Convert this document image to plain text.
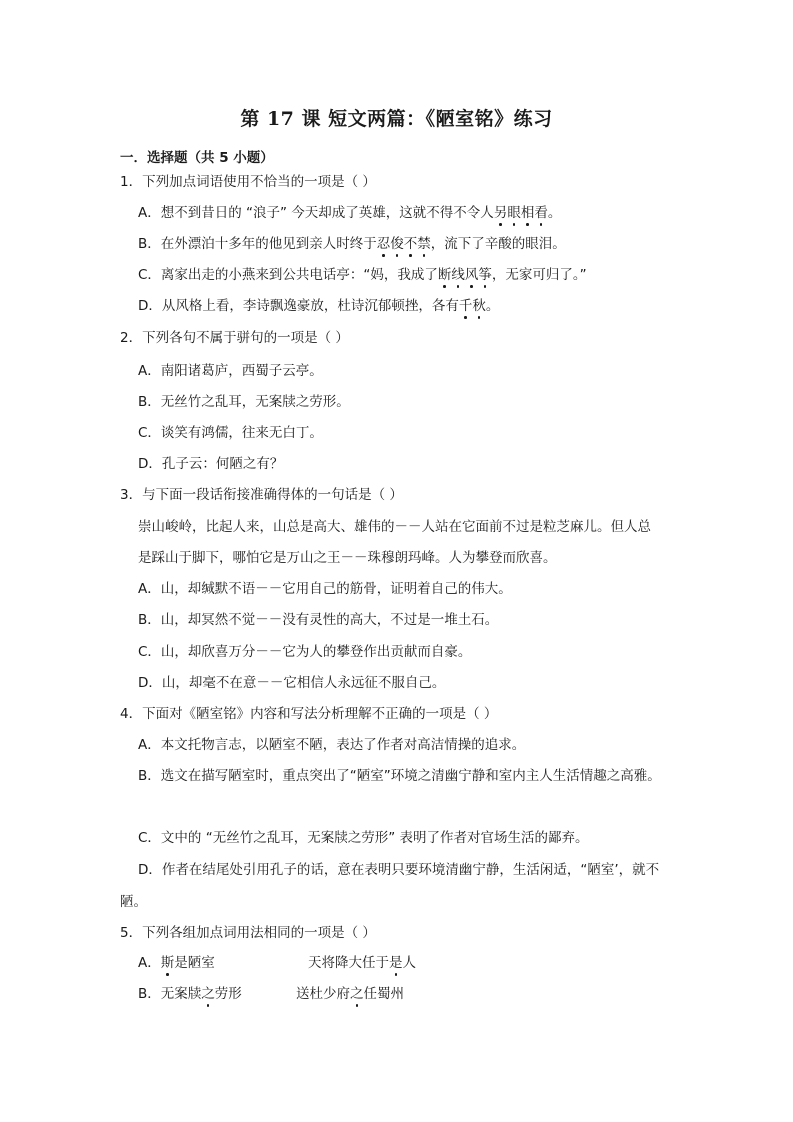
第 17 课 短文两篇：《陋室铭》练习
一．选择题（共 5 小题）
1．下列加点词语使用不恰当的一项是（ ）
A．想不到昔日的 “浪子” 今天却成了英雄，这就不得不令人另眼相看。
B．在外漂泊十多年的他见到亲人时终于忍俊不禁，流下了辛酸的眼泪。
C．离家出走的小燕来到公共电话亭：“妈，我成了断线风筝，无家可归了。”
D．从风格上看，李诗飘逸豪放，杜诗沉郁顿挫，各有千秋。
2．下列各句不属于骈句的一项是（ ）
A．南阳诸葛庐，西蜀子云亭。
B．无丝竹之乱耳，无案牍之劳形。
C．谈笑有鸿儒，往来无白丁。
D．孔子云：何陋之有？
3．与下面一段话衔接准确得体的一句话是（ ）
崇山峻岭，比起人来，山总是高大、雄伟的－－人站在它面前不过是粒芝麻儿。但人总
是踩山于脚下，哪怕它是万山之王－－珠穆朗玛峰。人为攀登而欣喜。
A．山，却缄默不语－－它用自己的筋骨，证明着自己的伟大。
B．山，却冥然不觉－－没有灵性的高大，不过是一堆土石。
C．山，却欣喜万分－－它为人的攀登作出贡献而自豪。
D．山，却毫不在意－－它相信人永远征不服自己。
4．下面对《陋室铭》内容和写法分析理解不正确的一项是（ ）
A．本文托物言志，以陋室不陋，表达了作者对高洁情操的追求。
B．选文在描写陋室时，重点突出了“陋室”环境之清幽宁静和室内主人生活情趣之高雅。
C．文中的 “无丝竹之乱耳，无案牍之劳形” 表明了作者对官场生活的鄙弃。
D．作者在结尾处引用孔子的话，意在表明只要环境清幽宁静，生活闲适，“陋室’，就不
陋。
5．下列各组加点词用法相同的一项是（ ）
A．斯是陋室	天将降大任于是人
B．无案牍之劳形	送杜少府之任蜀州
